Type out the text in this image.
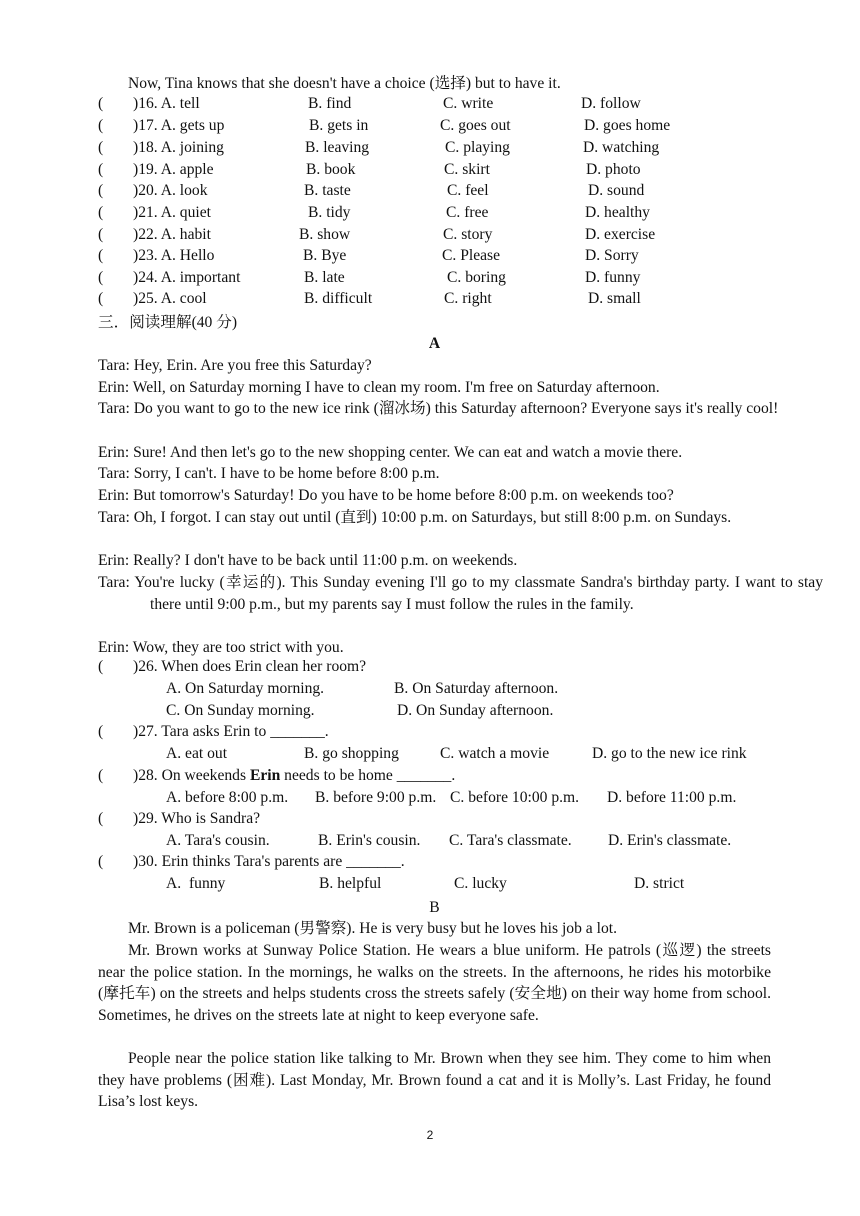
Now, Tina knows that she doesn't have a choice (选择) but to have it.
( )16. A. tell	B. find	C. write	D. follow
( )17. A. gets up	B. gets in	C. goes out	D. goes home
( )18. A. joining	B. leaving	C. playing	D. watching
( )19. A. apple	B. book	C. skirt	D. photo
( )20. A. look	B. taste	C. feel	D. sound
( )21. A. quiet	B. tidy	C. free	D. healthy
( )22. A. habit	B. show	C. story	D. exercise
( )23. A. Hello	B. Bye	C. Please	D. Sorry
( )24. A. important	B. late	C. boring	D. funny
( )25. A. cool	B. difficult	C. right	D. small
三．阅读理解(40 分)
A
Tara: Hey, Erin. Are you free this Saturday?
Erin: Well, on Saturday morning I have to clean my room. I'm free on Saturday afternoon.
Tara: Do you want to go to the new ice rink (溜冰场) this Saturday afternoon? Everyone says it's really cool!
Erin: Sure! And then let's go to the new shopping center. We can eat and watch a movie there.
Tara: Sorry, I can't. I have to be home before 8:00 p.m.
Erin: But tomorrow's Saturday! Do you have to be home before 8:00 p.m. on weekends too?
Tara: Oh, I forgot. I can stay out until (直到) 10:00 p.m. on Saturdays, but still 8:00 p.m. on Sundays.
Erin: Really? I don't have to be back until 11:00 p.m. on weekends.
Tara: You're lucky (幸运的). This Sunday evening I'll go to my classmate Sandra's birthday party. I want to stay there until 9:00 p.m., but my parents say I must follow the rules in the family.
Erin: Wow, they are too strict with you.
( )26. When does Erin clean her room?
A. On Saturday morning.	B. On Saturday afternoon.
C. On Sunday morning.	D. On Sunday afternoon.
( )27. Tara asks Erin to _______.
A. eat out	B. go shopping	C. watch a movie	D. go to the new ice rink
( )28. On weekends Erin needs to be home _______.
A. before 8:00 p.m. B. before 9:00 p.m. C. before 10:00 p.m. D. before 11:00 p.m.
( )29. Who is Sandra?
A. Tara's cousin.	B. Erin's cousin. C. Tara's classmate. D. Erin's classmate.
( )30. Erin thinks Tara's parents are _______.
A.  funny	B. helpful	C. lucky	D. strict
B
Mr. Brown is a policeman (男警察). He is very busy but he loves his job a lot.
Mr. Brown works at Sunway Police Station. He wears a blue uniform. He patrols (巡逻) the streets near the police station. In the mornings, he walks on the streets. In the afternoons, he rides his motorbike (摩托车) on the streets and helps students cross the streets safely (安全地) on their way home from school. Sometimes, he drives on the streets late at night to keep everyone safe.
People near the police station like talking to Mr. Brown when they see him. They come to him when they have problems (困难). Last Monday, Mr. Brown found a cat and it is Molly’s. Last Friday, he found Lisa’s lost keys.
2
